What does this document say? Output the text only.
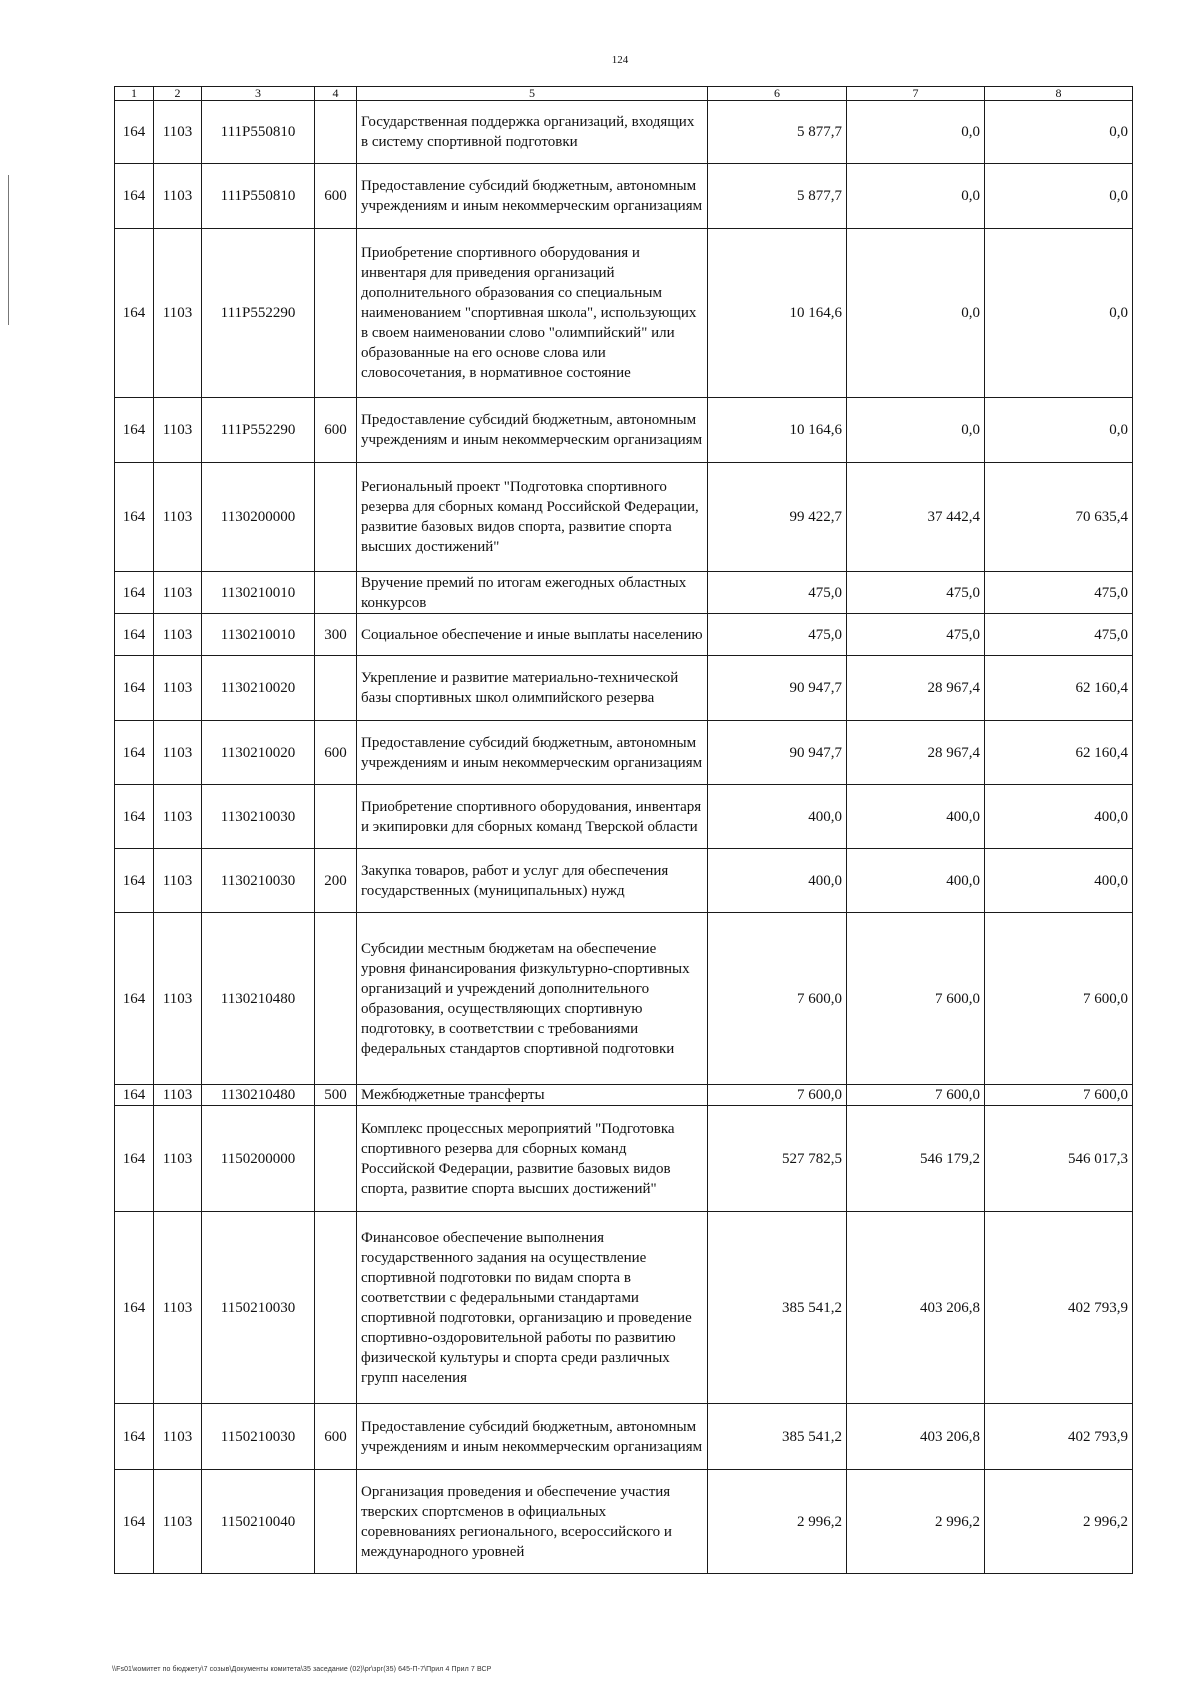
124
1	2	3	4	5	6	7	8
164	1103	111P550810		Государственная поддержка организаций, входящих в систему спортивной подготовки	5 877,7	0,0	0,0
164	1103	111P550810	600	Предоставление субсидий бюджетным, автономным учреждениям и иным некоммерческим организациям	5 877,7	0,0	0,0
164	1103	111P552290		Приобретение спортивного оборудования и инвентаря для приведения организаций дополнительного образования со специальным наименованием "спортивная школа", использующих в своем наименовании слово "олимпийский" или образованные на его основе слова или словосочетания, в нормативное состояние	10 164,6	0,0	0,0
164	1103	111P552290	600	Предоставление субсидий бюджетным, автономным учреждениям и иным некоммерческим организациям	10 164,6	0,0	0,0
164	1103	1130200000		Региональный проект "Подготовка спортивного резерва для сборных команд Российской Федерации, развитие базовых видов спорта, развитие спорта высших достижений"	99 422,7	37 442,4	70 635,4
164	1103	1130210010		Вручение премий по итогам ежегодных областных конкурсов	475,0	475,0	475,0
164	1103	1130210010	300	Социальное обеспечение и иные выплаты населению	475,0	475,0	475,0
164	1103	1130210020		Укрепление и развитие материально-технической базы спортивных школ олимпийского резерва	90 947,7	28 967,4	62 160,4
164	1103	1130210020	600	Предоставление субсидий бюджетным, автономным учреждениям и иным некоммерческим организациям	90 947,7	28 967,4	62 160,4
164	1103	1130210030		Приобретение спортивного оборудования, инвентаря и экипировки для сборных команд Тверской области	400,0	400,0	400,0
164	1103	1130210030	200	Закупка товаров, работ и услуг для обеспечения государственных (муниципальных) нужд	400,0	400,0	400,0
164	1103	1130210480		Субсидии местным бюджетам на обеспечение уровня финансирования физкультурно-спортивных организаций и учреждений дополнительного образования, осуществляющих спортивную подготовку, в соответствии с требованиями федеральных стандартов спортивной подготовки	7 600,0	7 600,0	7 600,0
164	1103	1130210480	500	Межбюджетные трансферты	7 600,0	7 600,0	7 600,0
164	1103	1150200000		Комплекс процессных мероприятий "Подготовка спортивного резерва для сборных команд Российской Федерации, развитие базовых видов спорта, развитие спорта высших достижений"	527 782,5	546 179,2	546 017,3
164	1103	1150210030		Финансовое обеспечение выполнения государственного задания на осуществление спортивной подготовки по видам спорта в соответствии с федеральными стандартами спортивной подготовки, организацию и проведение спортивно-оздоровительной работы по развитию физической культуры и спорта среди различных групп населения	385 541,2	403 206,8	402 793,9
164	1103	1150210030	600	Предоставление субсидий бюджетным, автономным учреждениям и иным некоммерческим организациям	385 541,2	403 206,8	402 793,9
164	1103	1150210040		Организация проведения и обеспечение участия тверских спортсменов в официальных соревнованиях регионального, всероссийского и международного уровней	2 996,2	2 996,2	2 996,2
\\Fs01\комитет по бюджету\7 созыв\Документы комитета\35 заседание (02)\pr\зрг(35) 645-П-7\Прил 4 Прил 7 ВСР
